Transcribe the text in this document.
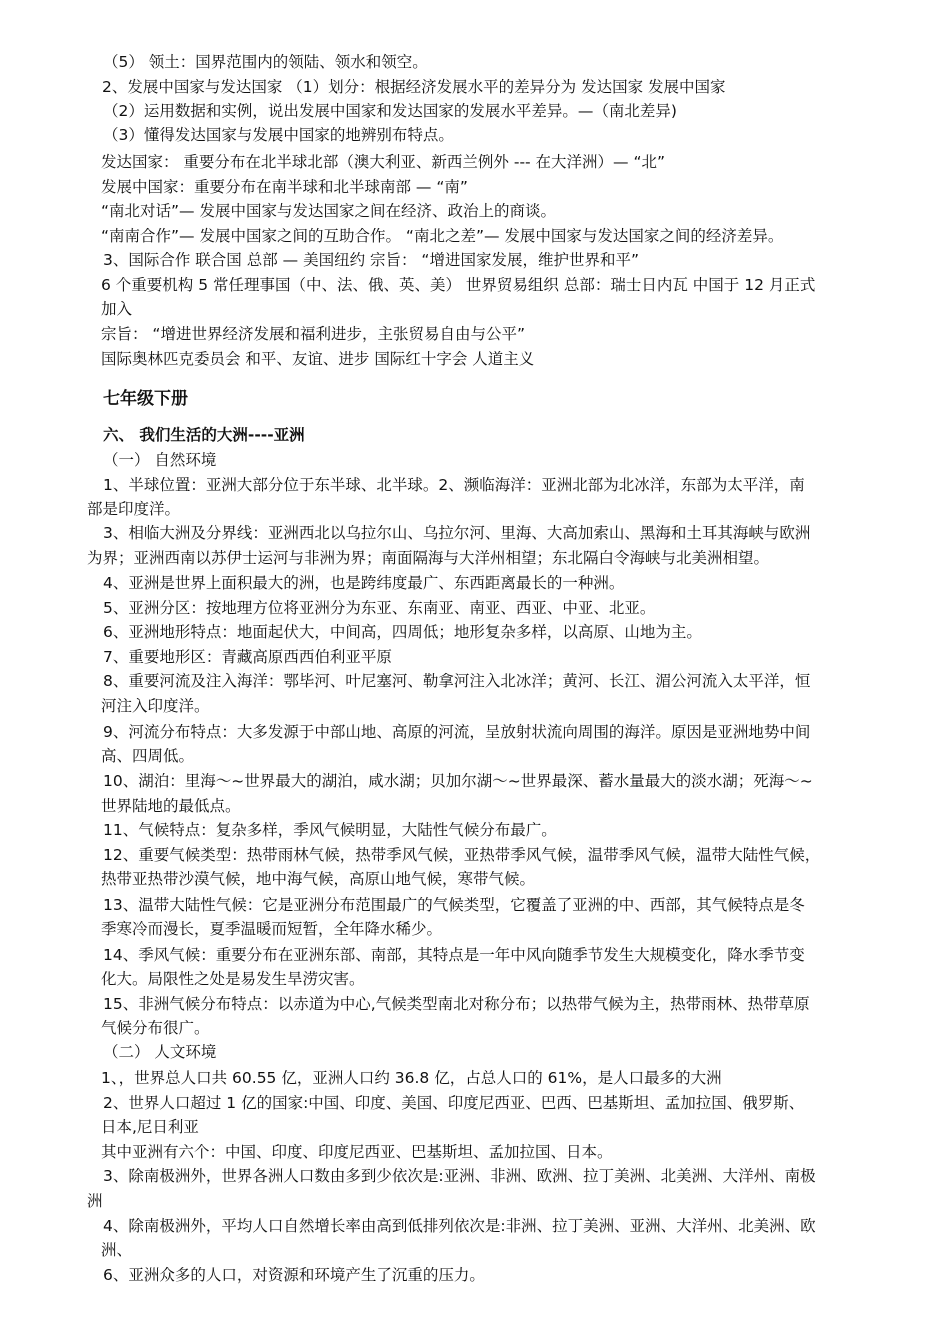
（5） 领土：国界范围内的领陆、领水和领空。
2、发展中国家与发达国家 （1）划分：根据经济发展水平的差异分为 发达国家 发展中国家
（2）运用数据和实例，说出发展中国家和发达国家的发展水平差异。—（南北差异)
（3）懂得发达国家与发展中国家的地辨别布特点。
发达国家： 重要分布在北半球北部（澳大利亚、新西兰例外 --- 在大洋洲）— “北”
发展中国家：重要分布在南半球和北半球南部 — “南”
“南北对话”— 发展中国家与发达国家之间在经济、政治上的商谈。
“南南合作”— 发展中国家之间的互助合作。 “南北之差”— 发展中国家与发达国家之间的经济差异。
3、国际合作 联合国 总部 — 美国纽约 宗旨： “增进国家发展，维护世界和平”
6 个重要机构 5 常任理事国（中、法、俄、英、美） 世界贸易组织 总部：瑞士日内瓦 中国于 12 月正式
加入
宗旨： “增进世界经济发展和福利进步，主张贸易自由与公平”
国际奥林匹克委员会 和平、友谊、进步 国际红十字会 人道主义
七年级下册
六、 我们生活的大洲----亚洲
（一） 自然环境
1、半球位置：亚洲大部分位于东半球、北半球。2、濒临海洋：亚洲北部为北冰洋，东部为太平洋，南
部是印度洋。
3、相临大洲及分界线：亚洲西北以乌拉尔山、乌拉尔河、里海、大高加索山、黑海和土耳其海峡与欧洲
为界；亚洲西南以苏伊士运河与非洲为界；南面隔海与大洋州相望；东北隔白令海峡与北美洲相望。
4、亚洲是世界上面积最大的洲，也是跨纬度最广、东西距离最长的一种洲。
5、亚洲分区：按地理方位将亚洲分为东亚、东南亚、南亚、西亚、中亚、北亚。
6、亚洲地形特点：地面起伏大，中间高，四周低；地形复杂多样，以高原、山地为主。
7、重要地形区：青藏高原西西伯利亚平原
8、重要河流及注入海洋：鄂毕河、叶尼塞河、勒拿河注入北冰洋；黄河、长江、湄公河流入太平洋，恒
河注入印度洋。
9、河流分布特点：大多发源于中部山地、高原的河流，呈放射状流向周围的海洋。原因是亚洲地势中间
高、四周低。
10、湖泊：里海～~世界最大的湖泊，咸水湖；贝加尔湖～~世界最深、蓄水量最大的淡水湖；死海～~
世界陆地的最低点。
11、气候特点：复杂多样，季风气候明显，大陆性气候分布最广。
12、重要气候类型：热带雨林气候，热带季风气候，亚热带季风气候，温带季风气候，温带大陆性气候，
热带亚热带沙漠气候，地中海气候，高原山地气候，寒带气候。
13、温带大陆性气候：它是亚洲分布范围最广的气候类型，它覆盖了亚洲的中、西部，其气候特点是冬
季寒冷而漫长，夏季温暖而短暂，全年降水稀少。
14、季风气候：重要分布在亚洲东部、南部，其特点是一年中风向随季节发生大规模变化，降水季节变
化大。局限性之处是易发生旱涝灾害。
15、非洲气候分布特点：以赤道为中心,气候类型南北对称分布；以热带气候为主，热带雨林、热带草原
气候分布很广。
（二） 人文环境
1、，世界总人口共 60.55 亿，亚洲人口约 36.8 亿，占总人口的 61%，是人口最多的大洲
2、世界人口超过 1 亿的国家:中国、印度、美国、印度尼西亚、巴西、巴基斯坦、孟加拉国、俄罗斯、
日本,尼日利亚
其中亚洲有六个：中国、印度、印度尼西亚、巴基斯坦、孟加拉国、日本。
3、除南极洲外，世界各洲人口数由多到少依次是:亚洲、非洲、欧洲、拉丁美洲、北美洲、大洋州、南极
洲
4、除南极洲外，平均人口自然增长率由高到低排列依次是:非洲、拉丁美洲、亚洲、大洋州、北美洲、欧
洲、
6、亚洲众多的人口，对资源和环境产生了沉重的压力。
